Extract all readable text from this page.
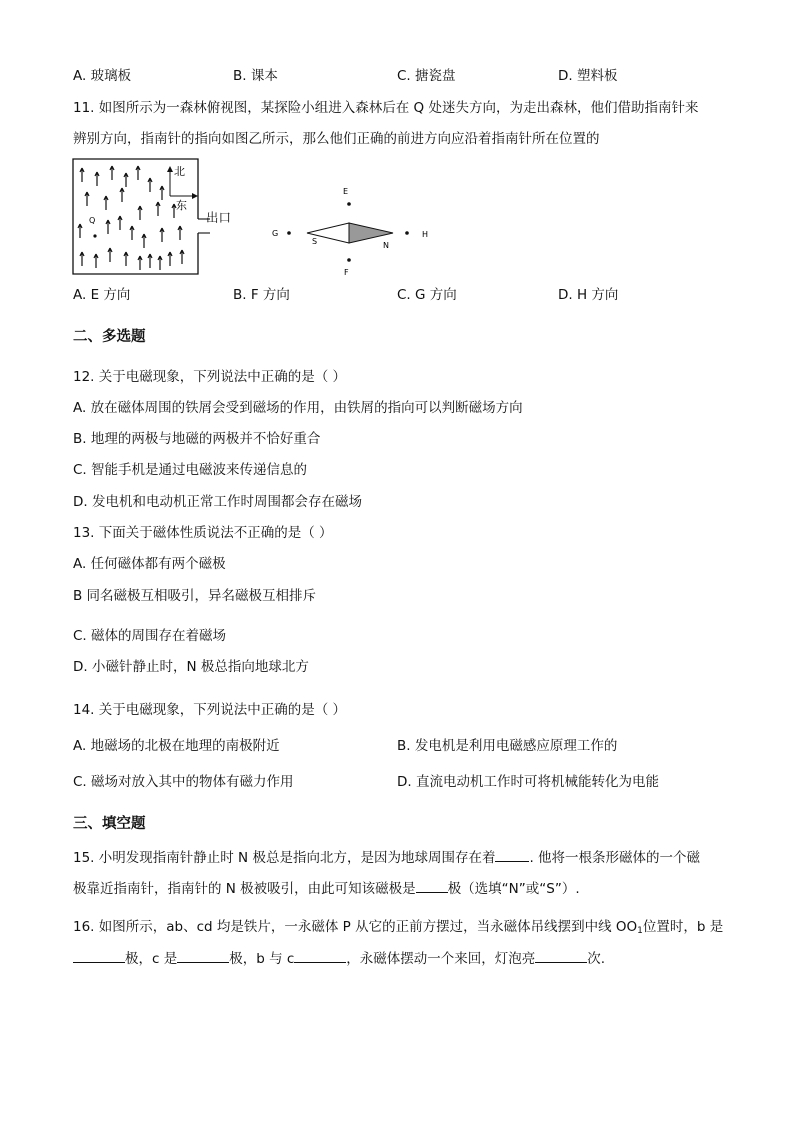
A. 玻璃板	B. 课本	C. 搪瓷盘	D. 塑料板
11. 如图所示为一森林俯视图，某探险小组进入森林后在 Q 处迷失方向，为走出森林，他们借助指南针来
辨别方向，指南针的指向如图乙所示，那么他们正确的前进方向应沿着指南针所在位置的
北
东
Q	出口
E
G
S	N
H
F
A. E 方向	B. F 方向	C. G 方向	D. H 方向
二、多选题
12. 关于电磁现象，下列说法中正确的是（ ）
A. 放在磁体周围的铁屑会受到磁场的作用，由铁屑的指向可以判断磁场方向
B. 地理的两极与地磁的两极并不恰好重合
C. 智能手机是通过电磁波来传递信息的
D. 发电机和电动机正常工作时周围都会存在磁场
13. 下面关于磁体性质说法不正确的是（ ）
A. 任何磁体都有两个磁极
B 同名磁极互相吸引，异名磁极互相排斥
C. 磁体的周围存在着磁场
D. 小磁针静止时，N 极总指向地球北方
14. 关于电磁现象，下列说法中正确的是（ ）
A. 地磁场的北极在地理的南极附近	B. 发电机是利用电磁感应原理工作的
C. 磁场对放入其中的物体有磁力作用	D. 直流电动机工作时可将机械能转化为电能
三、填空题
15. 小明发现指南针静止时 N 极总是指向北方，是因为地球周围存在着	. 他将一根条形磁体的一个磁
极靠近指南针，指南针的 N 极被吸引，由此可知该磁极是 极（选填“N”或“S”）.
16. 如图所示，ab、cd 均是铁片，一永磁体 P 从它的正前方摆过，当永磁体吊线摆到中线 $OO_1$位置时，b 是
极，c 是	极，b 与 c	，永磁体摆动一个来回，灯泡亮	次.
